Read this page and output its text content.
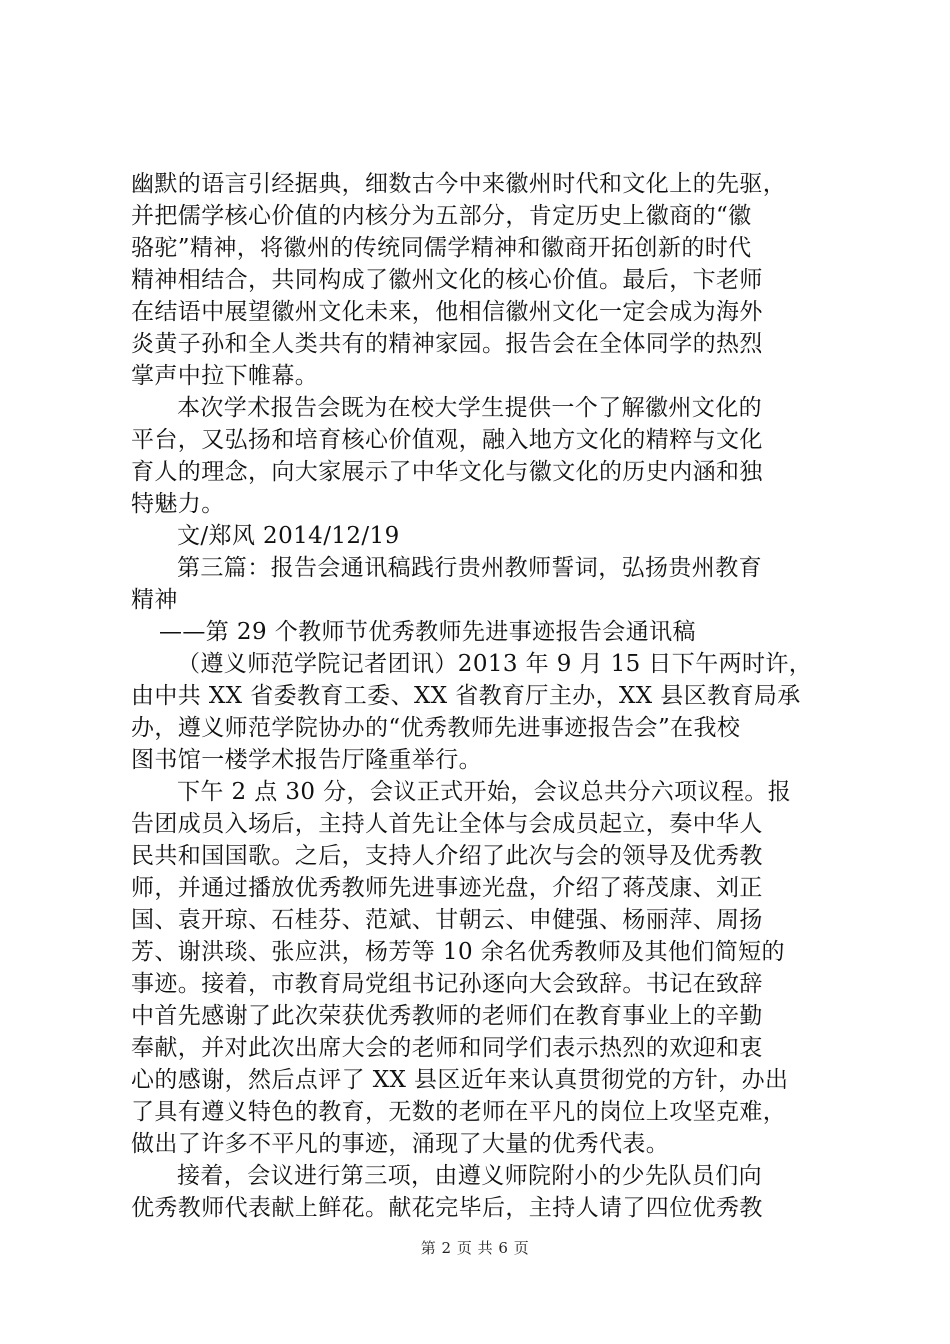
幽默的语言引经据典，细数古今中来徽州时代和文化上的先驱，
并把儒学核心价值的内核分为五部分，肯定历史上徽商的“徽
骆驼”精神，将徽州的传统同儒学精神和徽商开拓创新的时代
精神相结合，共同构成了徽州文化的核心价值。最后，卞老师
在结语中展望徽州文化未来，他相信徽州文化一定会成为海外
炎黄子孙和全人类共有的精神家园。报告会在全体同学的热烈
掌声中拉下帷幕。
本次学术报告会既为在校大学生提供一个了解徽州文化的
平台，又弘扬和培育核心价值观，融入地方文化的精粹与文化
育人的理念，向大家展示了中华文化与徽文化的历史内涵和独
特魅力。
文/郑风 2014/12/19
第三篇：报告会通讯稿践行贵州教师誓词，弘扬贵州教育
精神
——第 29 个教师节优秀教师先进事迹报告会通讯稿
（遵义师范学院记者团讯）2013 年 9 月 15 日下午两时许，
由中共 XX 省委教育工委、XX 省教育厅主办，XX 县区教育局承
办，遵义师范学院协办的“优秀教师先进事迹报告会”在我校
图书馆一楼学术报告厅隆重举行。
下午 2 点 30 分，会议正式开始，会议总共分六项议程。报
告团成员入场后，主持人首先让全体与会成员起立，奏中华人
民共和国国歌。之后，支持人介绍了此次与会的领导及优秀教
师，并通过播放优秀教师先进事迹光盘，介绍了蒋茂康、刘正
国、袁开琼、石桂芬、范斌、甘朝云、申健强、杨丽萍、周扬
芳、谢洪琰、张应洪，杨芳等 10 余名优秀教师及其他们简短的
事迹。接着，市教育局党组书记孙逐向大会致辞。书记在致辞
中首先感谢了此次荣获优秀教师的老师们在教育事业上的辛勤
奉献，并对此次出席大会的老师和同学们表示热烈的欢迎和衷
心的感谢，然后点评了 XX 县区近年来认真贯彻党的方针，办出
了具有遵义特色的教育，无数的老师在平凡的岗位上攻坚克难，
做出了许多不平凡的事迹，涌现了大量的优秀代表。
接着，会议进行第三项，由遵义师院附小的少先队员们向
优秀教师代表献上鲜花。献花完毕后，主持人请了四位优秀教
第 2 页 共 6 页
